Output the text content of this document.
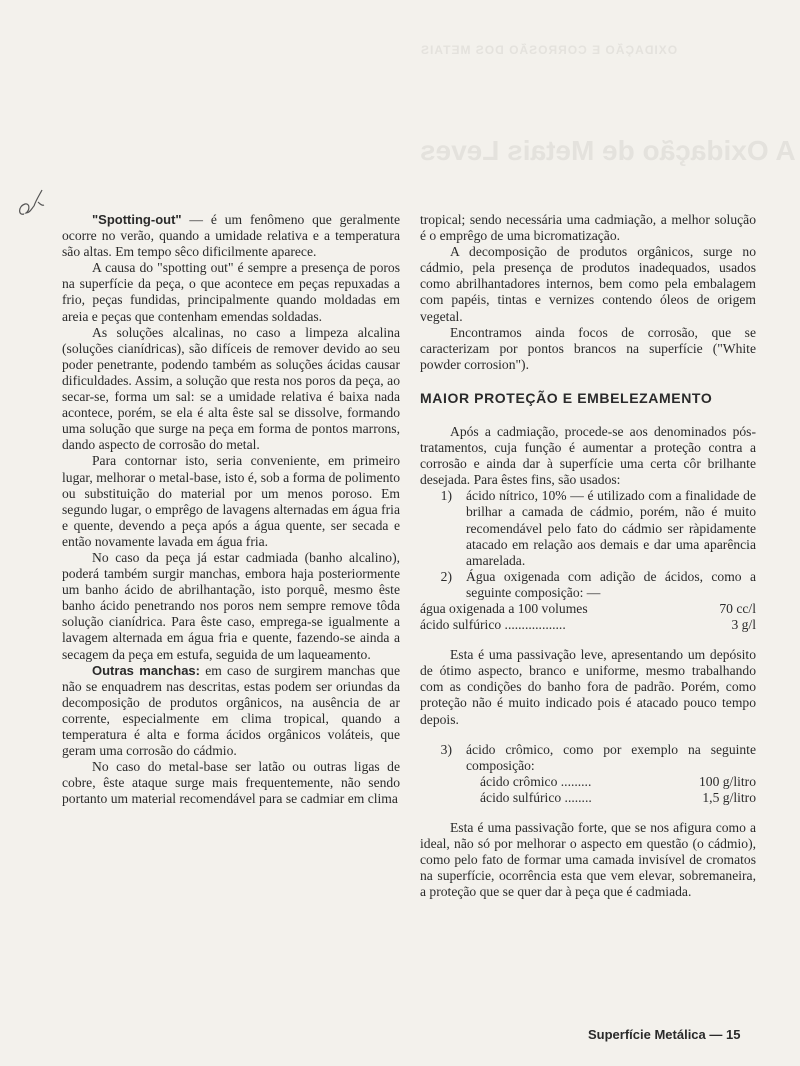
OXIDAÇÃO E CORROSÃO DOS METAIS
A Oxidação de Metais Leves

"Spotting-out" — é um fenômeno que geralmente ocorre no verão, quando a umidade relativa e a temperatura são altas. Em tempo sêco dificilmente aparece.

A causa do "spotting out" é sempre a presença de poros na superfície da peça, o que acontece em peças repuxadas a frio, peças fundidas, principalmente quando moldadas em areia e peças que contenham emendas soldadas.

As soluções alcalinas, no caso a limpeza alcalina (soluções cianídricas), são difíceis de remover devido ao seu poder penetrante, podendo também as soluções ácidas causar dificuldades. Assim, a solução que resta nos poros da peça, ao secar-se, forma um sal: se a umidade relativa é baixa nada acontece, porém, se ela é alta êste sal se dissolve, formando uma solução que surge na peça em forma de pontos marrons, dando aspecto de corrosão do metal.

Para contornar isto, seria conveniente, em primeiro lugar, melhorar o metal-base, isto é, sob a forma de polimento ou substituição do material por um menos poroso. Em segundo lugar, o emprêgo de lavagens alternadas em água fria e quente, devendo a peça após a água quente, ser secada e então novamente lavada em água fria.

No caso da peça já estar cadmiada (banho alcalino), poderá também surgir manchas, embora haja posteriormente um banho ácido de abrilhantação, isto porquê, mesmo êste banho ácido penetrando nos poros nem sempre remove tôda solução cianídrica. Para êste caso, emprega-se igualmente a lavagem alternada em água fria e quente, fazendo-se ainda a secagem da peça em estufa, seguida de um laqueamento.

Outras manchas: em caso de surgirem manchas que não se enquadrem nas descritas, estas podem ser oriundas da decomposição de produtos orgânicos, na ausência de ar corrente, especialmente em clima tropical, quando a temperatura é alta e forma ácidos orgânicos voláteis, que geram uma corrosão do cádmio.

No caso do metal-base ser latão ou outras ligas de cobre, êste ataque surge mais frequentemente, não sendo portanto um material recomendável para se cadmiar em clima

tropical; sendo necessária uma cadmiação, a melhor solução é o emprêgo de uma bicromatização.

A decomposição de produtos orgânicos, surge no cádmio, pela presença de produtos inadequados, usados como abrilhantadores internos, bem como pela embalagem com papéis, tintas e vernizes contendo óleos de origem vegetal.

Encontramos ainda focos de corrosão, que se caracterizam por pontos brancos na superfície ("White powder corrosion").

MAIOR PROTEÇÃO E EMBELEZAMENTO

Após a cadmiação, procede-se aos denominados pós-tratamentos, cuja função é aumentar a proteção contra a corrosão e ainda dar à superfície uma certa côr brilhante desejada. Para êstes fins, são usados:

1)	ácido nítrico, 10% — é utilizado com a finalidade de brilhar a camada de cádmio, porém, não é muito recomendável pelo fato do cádmio ser ràpidamente atacado em relação aos demais e dar uma aparência amarelada.
2)	Água oxigenada com adição de ácidos, como a seguinte composição: —
água oxigenada a 100 volumes	70 cc/l
ácido sulfúrico ..................	3 g/l

Esta é uma passivação leve, apresentando um depósito de ótimo aspecto, branco e uniforme, mesmo trabalhando com as condições do banho fora de padrão. Porém, como proteção não é muito indicado pois é atacado pouco tempo depois.

3)	ácido crômico, como por exemplo na seguinte composição:
ácido crômico .........	100 g/litro
ácido sulfúrico ........	1,5 g/litro

Esta é uma passivação forte, que se nos afigura como a ideal, não só por melhorar o aspecto em questão (o cádmio), como pelo fato de formar uma camada invisível de cromatos na superfície, ocorrência esta que vem elevar, sobremaneira, a proteção que se quer dar à peça que é cadmiada.

Superfície Metálica — 15
